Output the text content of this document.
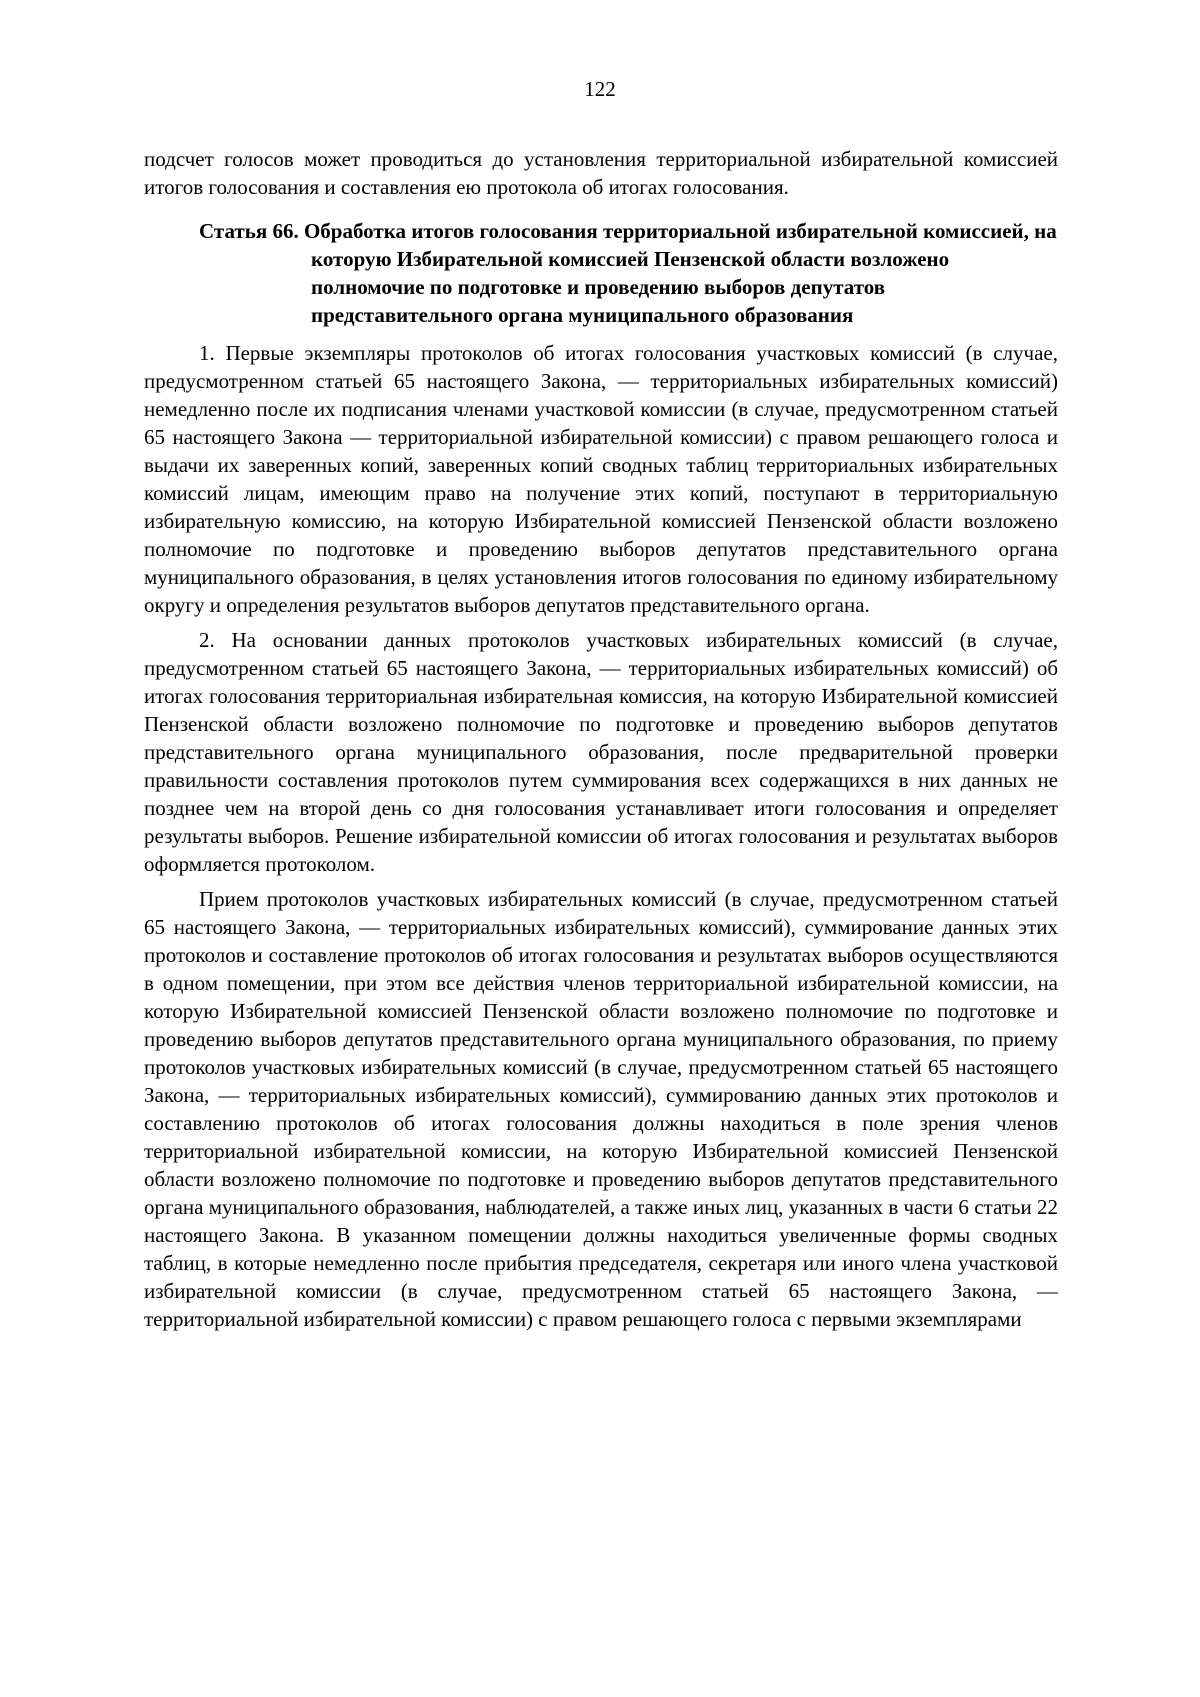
122

подсчет голосов может проводиться до установления территориальной избирательной комиссией итогов голосования и составления ею протокола об итогах голосования.

Статья 66. Обработка итогов голосования территориальной избирательной комиссией, на которую Избирательной комиссией Пензенской области возложено полномочие по подготовке и проведению выборов депутатов представительного органа муниципального образования

1. Первые экземпляры протоколов об итогах голосования участковых комиссий (в случае, предусмотренном статьей 65 настоящего Закона, — территориальных избирательных комиссий) немедленно после их подписания членами участковой комиссии (в случае, предусмотренном статьей 65 настоящего Закона — территориальной избирательной комиссии) с правом решающего голоса и выдачи их заверенных копий, заверенных копий сводных таблиц территориальных избирательных комиссий лицам, имеющим право на получение этих копий, поступают в территориальную избирательную комиссию, на которую Избирательной комиссией Пензенской области возложено полномочие по подготовке и проведению выборов депутатов представительного органа муниципального образования, в целях установления итогов голосования по единому избирательному округу и определения результатов выборов депутатов представительного органа.

2. На основании данных протоколов участковых избирательных комиссий (в случае, предусмотренном статьей 65 настоящего Закона, — территориальных избирательных комиссий) об итогах голосования территориальная избирательная комиссия, на которую Избирательной комиссией Пензенской области возложено полномочие по подготовке и проведению выборов депутатов представительного органа муниципального образования, после предварительной проверки правильности составления протоколов путем суммирования всех содержащихся в них данных не позднее чем на второй день со дня голосования устанавливает итоги голосования и определяет результаты выборов. Решение избирательной комиссии об итогах голосования и результатах выборов оформляется протоколом.

Прием протоколов участковых избирательных комиссий (в случае, предусмотренном статьей 65 настоящего Закона, — территориальных избирательных комиссий), суммирование данных этих протоколов и составление протоколов об итогах голосования и результатах выборов осуществляются в одном помещении, при этом все действия членов территориальной избирательной комиссии, на которую Избирательной комиссией Пензенской области возложено полномочие по подготовке и проведению выборов депутатов представительного органа муниципального образования, по приему протоколов участковых избирательных комиссий (в случае, предусмотренном статьей 65 настоящего Закона, — территориальных избирательных комиссий), суммированию данных этих протоколов и составлению протоколов об итогах голосования должны находиться в поле зрения членов территориальной избирательной комиссии, на которую Избирательной комиссией Пензенской области возложено полномочие по подготовке и проведению выборов депутатов представительного органа муниципального образования, наблюдателей, а также иных лиц, указанных в части 6 статьи 22 настоящего Закона. В указанном помещении должны находиться увеличенные формы сводных таблиц, в которые немедленно после прибытия председателя, секретаря или иного члена участковой избирательной комиссии (в случае, предусмотренном статьей 65 настоящего Закона, — территориальной избирательной комиссии) с правом решающего голоса с первыми экземплярами
